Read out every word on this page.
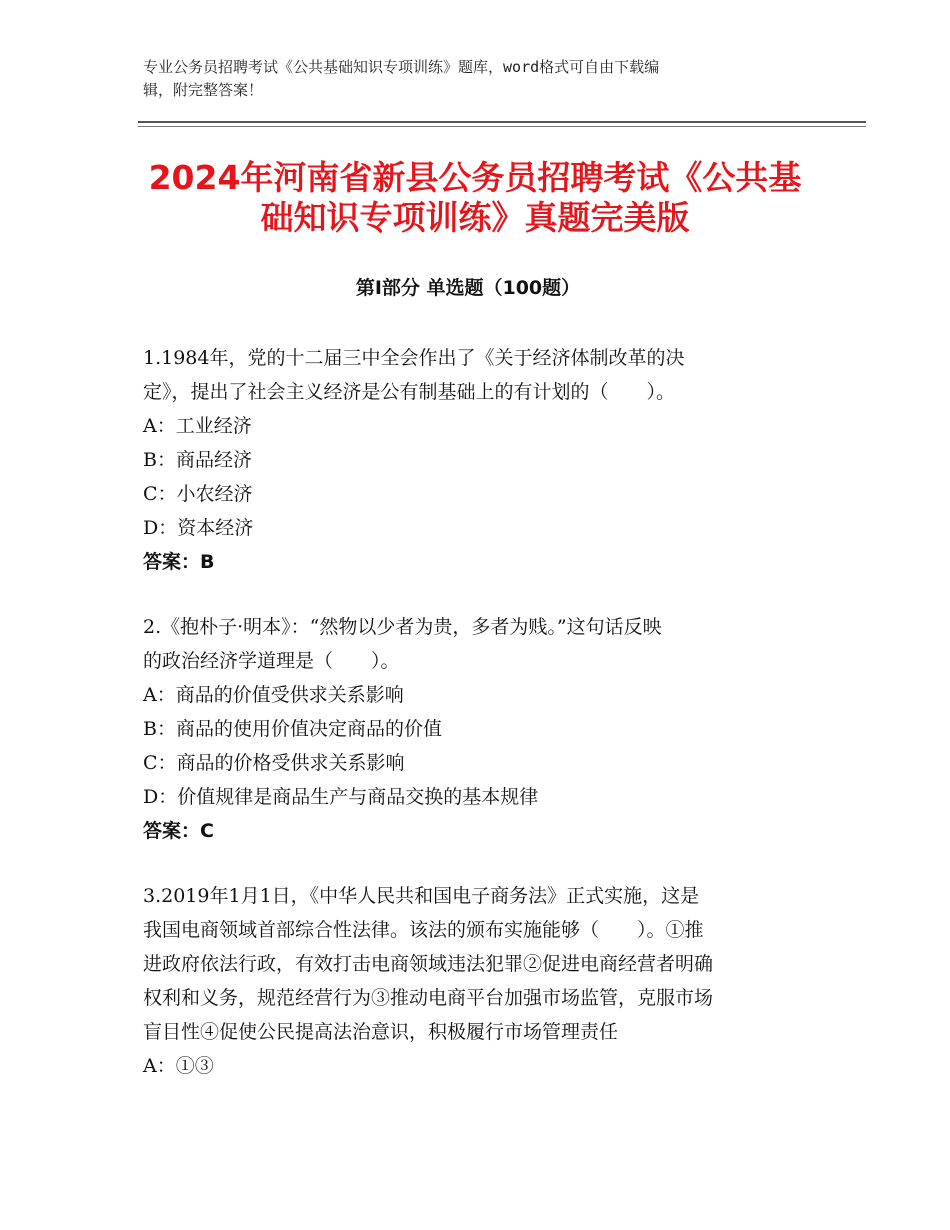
专业公务员招聘考试《公共基础知识专项训练》题库，word格式可自由下载编
辑，附完整答案！
2024年河南省新县公务员招聘考试《公共基
础知识专项训练》真题完美版
第Ⅰ部分 单选题（100题）
1.1984年，党的十二届三中全会作出了《关于经济体制改革的决
定》，提出了社会主义经济是公有制基础上的有计划的（　　）。
A：工业经济
B：商品经济
C：小农经济
D：资本经济
答案：B
2.《抱朴子·明本》：“然物以少者为贵，多者为贱。”这句话反映
的政治经济学道理是（　　）。
A：商品的价值受供求关系影响
B：商品的使用价值决定商品的价值
C：商品的价格受供求关系影响
D：价值规律是商品生产与商品交换的基本规律
答案：C
3.2019年1月1日，《中华人民共和国电子商务法》正式实施，这是
我国电商领域首部综合性法律。该法的颁布实施能够（　　）。①推
进政府依法行政，有效打击电商领域违法犯罪②促进电商经营者明确
权利和义务，规范经营行为③推动电商平台加强市场监管，克服市场
盲目性④促使公民提高法治意识，积极履行市场管理责任
A：①③
